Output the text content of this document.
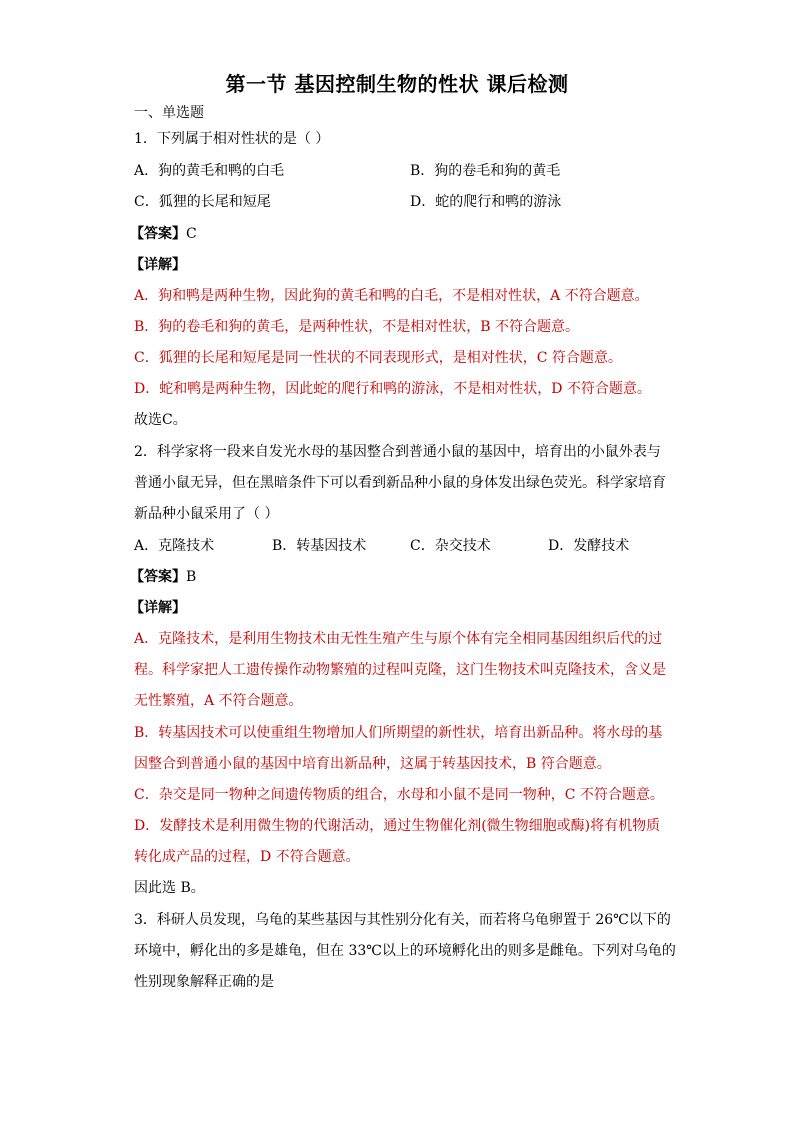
第一节 基因控制生物的性状 课后检测
一、单选题
1．下列属于相对性状的是（ ）
A．狗的黄毛和鸭的白毛	B．狗的卷毛和狗的黄毛
C．狐狸的长尾和短尾	D．蛇的爬行和鸭的游泳
【答案】C
【详解】
A．狗和鸭是两种生物，因此狗的黄毛和鸭的白毛，不是相对性状，A 不符合题意。
B．狗的卷毛和狗的黄毛，是两种性状，不是相对性状，B 不符合题意。
C．狐狸的长尾和短尾是同一性状的不同表现形式，是相对性状，C 符合题意。
D．蛇和鸭是两种生物，因此蛇的爬行和鸭的游泳，不是相对性状，D 不符合题意。
故选C。
2．科学家将一段来自发光水母的基因整合到普通小鼠的基因中，培育出的小鼠外表与
普通小鼠无异，但在黑暗条件下可以看到新品种小鼠的身体发出绿色荧光。科学家培育
新品种小鼠采用了（ ）
A．克隆技术	B．转基因技术	C．杂交技术	D．发酵技术
【答案】B
【详解】
A．克隆技术，是利用生物技术由无性生殖产生与原个体有完全相同基因组织后代的过
程。科学家把人工遗传操作动物繁殖的过程叫克隆，这门生物技术叫克隆技术，含义是
无性繁殖，A 不符合题意。
B．转基因技术可以使重组生物增加人们所期望的新性状，培育出新品种。将水母的基
因整合到普通小鼠的基因中培育出新品种，这属于转基因技术，B 符合题意。
C．杂交是同一物种之间遗传物质的组合，水母和小鼠不是同一物种，C 不符合题意。
D．发酵技术是利用微生物的代谢活动，通过生物催化剂(微生物细胞或酶)将有机物质
转化成产品的过程，D 不符合题意。
因此选 B。
3．科研人员发现，乌龟的某些基因与其性别分化有关，而若将乌龟卵置于 26℃以下的
环境中，孵化出的多是雄龟，但在 33℃以上的环境孵化出的则多是雌龟。下列对乌龟的
性别现象解释正确的是
